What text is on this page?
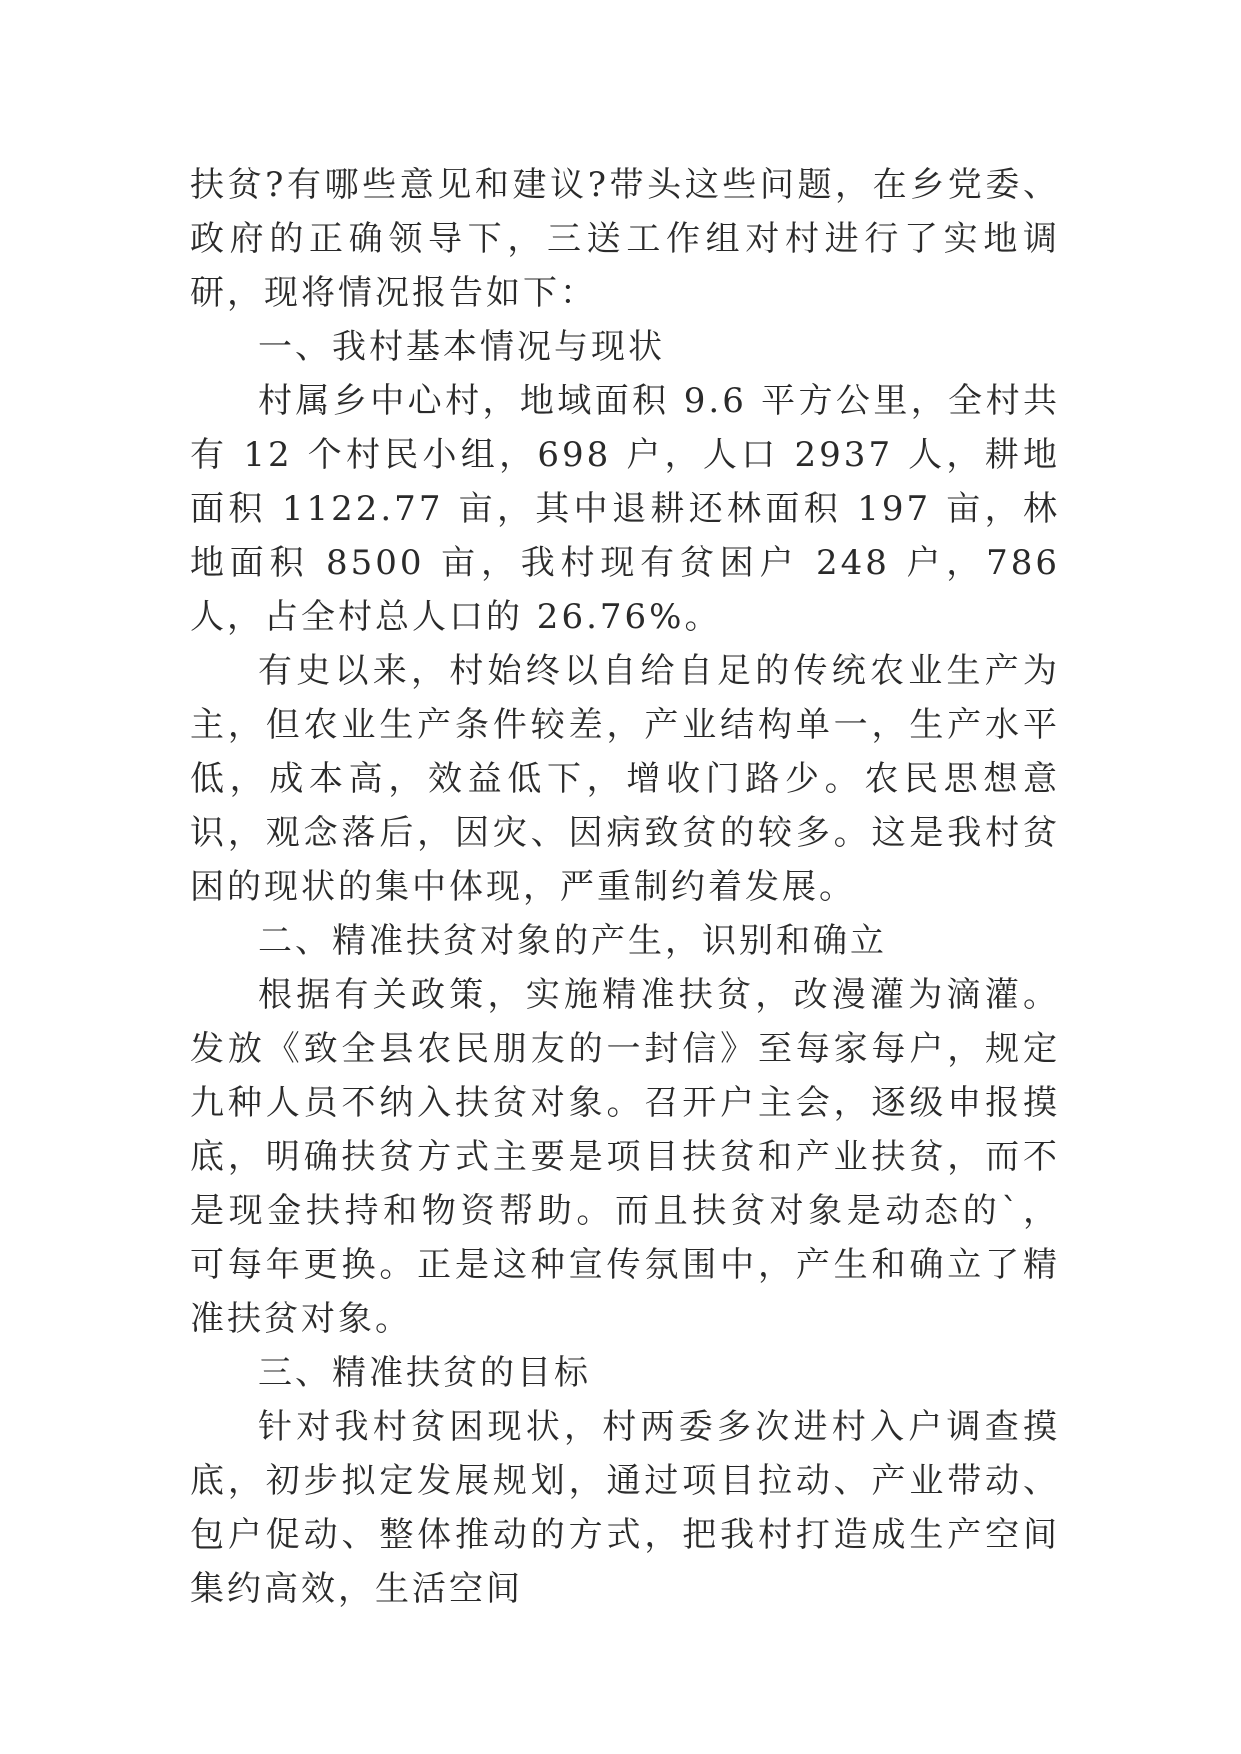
扶贫?有哪些意见和建议?带头这些问题，在乡党委、政府的正确领导下，三送工作组对村进行了实地调研，现将情况报告如下：

一、我村基本情况与现状

村属乡中心村，地域面积 9.6 平方公里，全村共有 12 个村民小组，698 户，人口 2937 人，耕地面积 1122.77 亩，其中退耕还林面积 197 亩，林地面积 8500 亩，我村现有贫困户 248 户，786 人，占全村总人口的 26.76%。

有史以来，村始终以自给自足的传统农业生产为主，但农业生产条件较差，产业结构单一，生产水平低，成本高，效益低下，增收门路少。农民思想意识，观念落后，因灾、因病致贫的较多。这是我村贫困的现状的集中体现，严重制约着发展。

二、精准扶贫对象的产生，识别和确立

根据有关政策，实施精准扶贫，改漫灌为滴灌。发放《致全县农民朋友的一封信》至每家每户，规定九种人员不纳入扶贫对象。召开户主会，逐级申报摸底，明确扶贫方式主要是项目扶贫和产业扶贫，而不是现金扶持和物资帮助。而且扶贫对象是动态的`，可每年更换。正是这种宣传氛围中，产生和确立了精准扶贫对象。

三、精准扶贫的目标

针对我村贫困现状，村两委多次进村入户调查摸底，初步拟定发展规划，通过项目拉动、产业带动、包户促动、整体推动的方式，把我村打造成生产空间集约高效，生活空间
